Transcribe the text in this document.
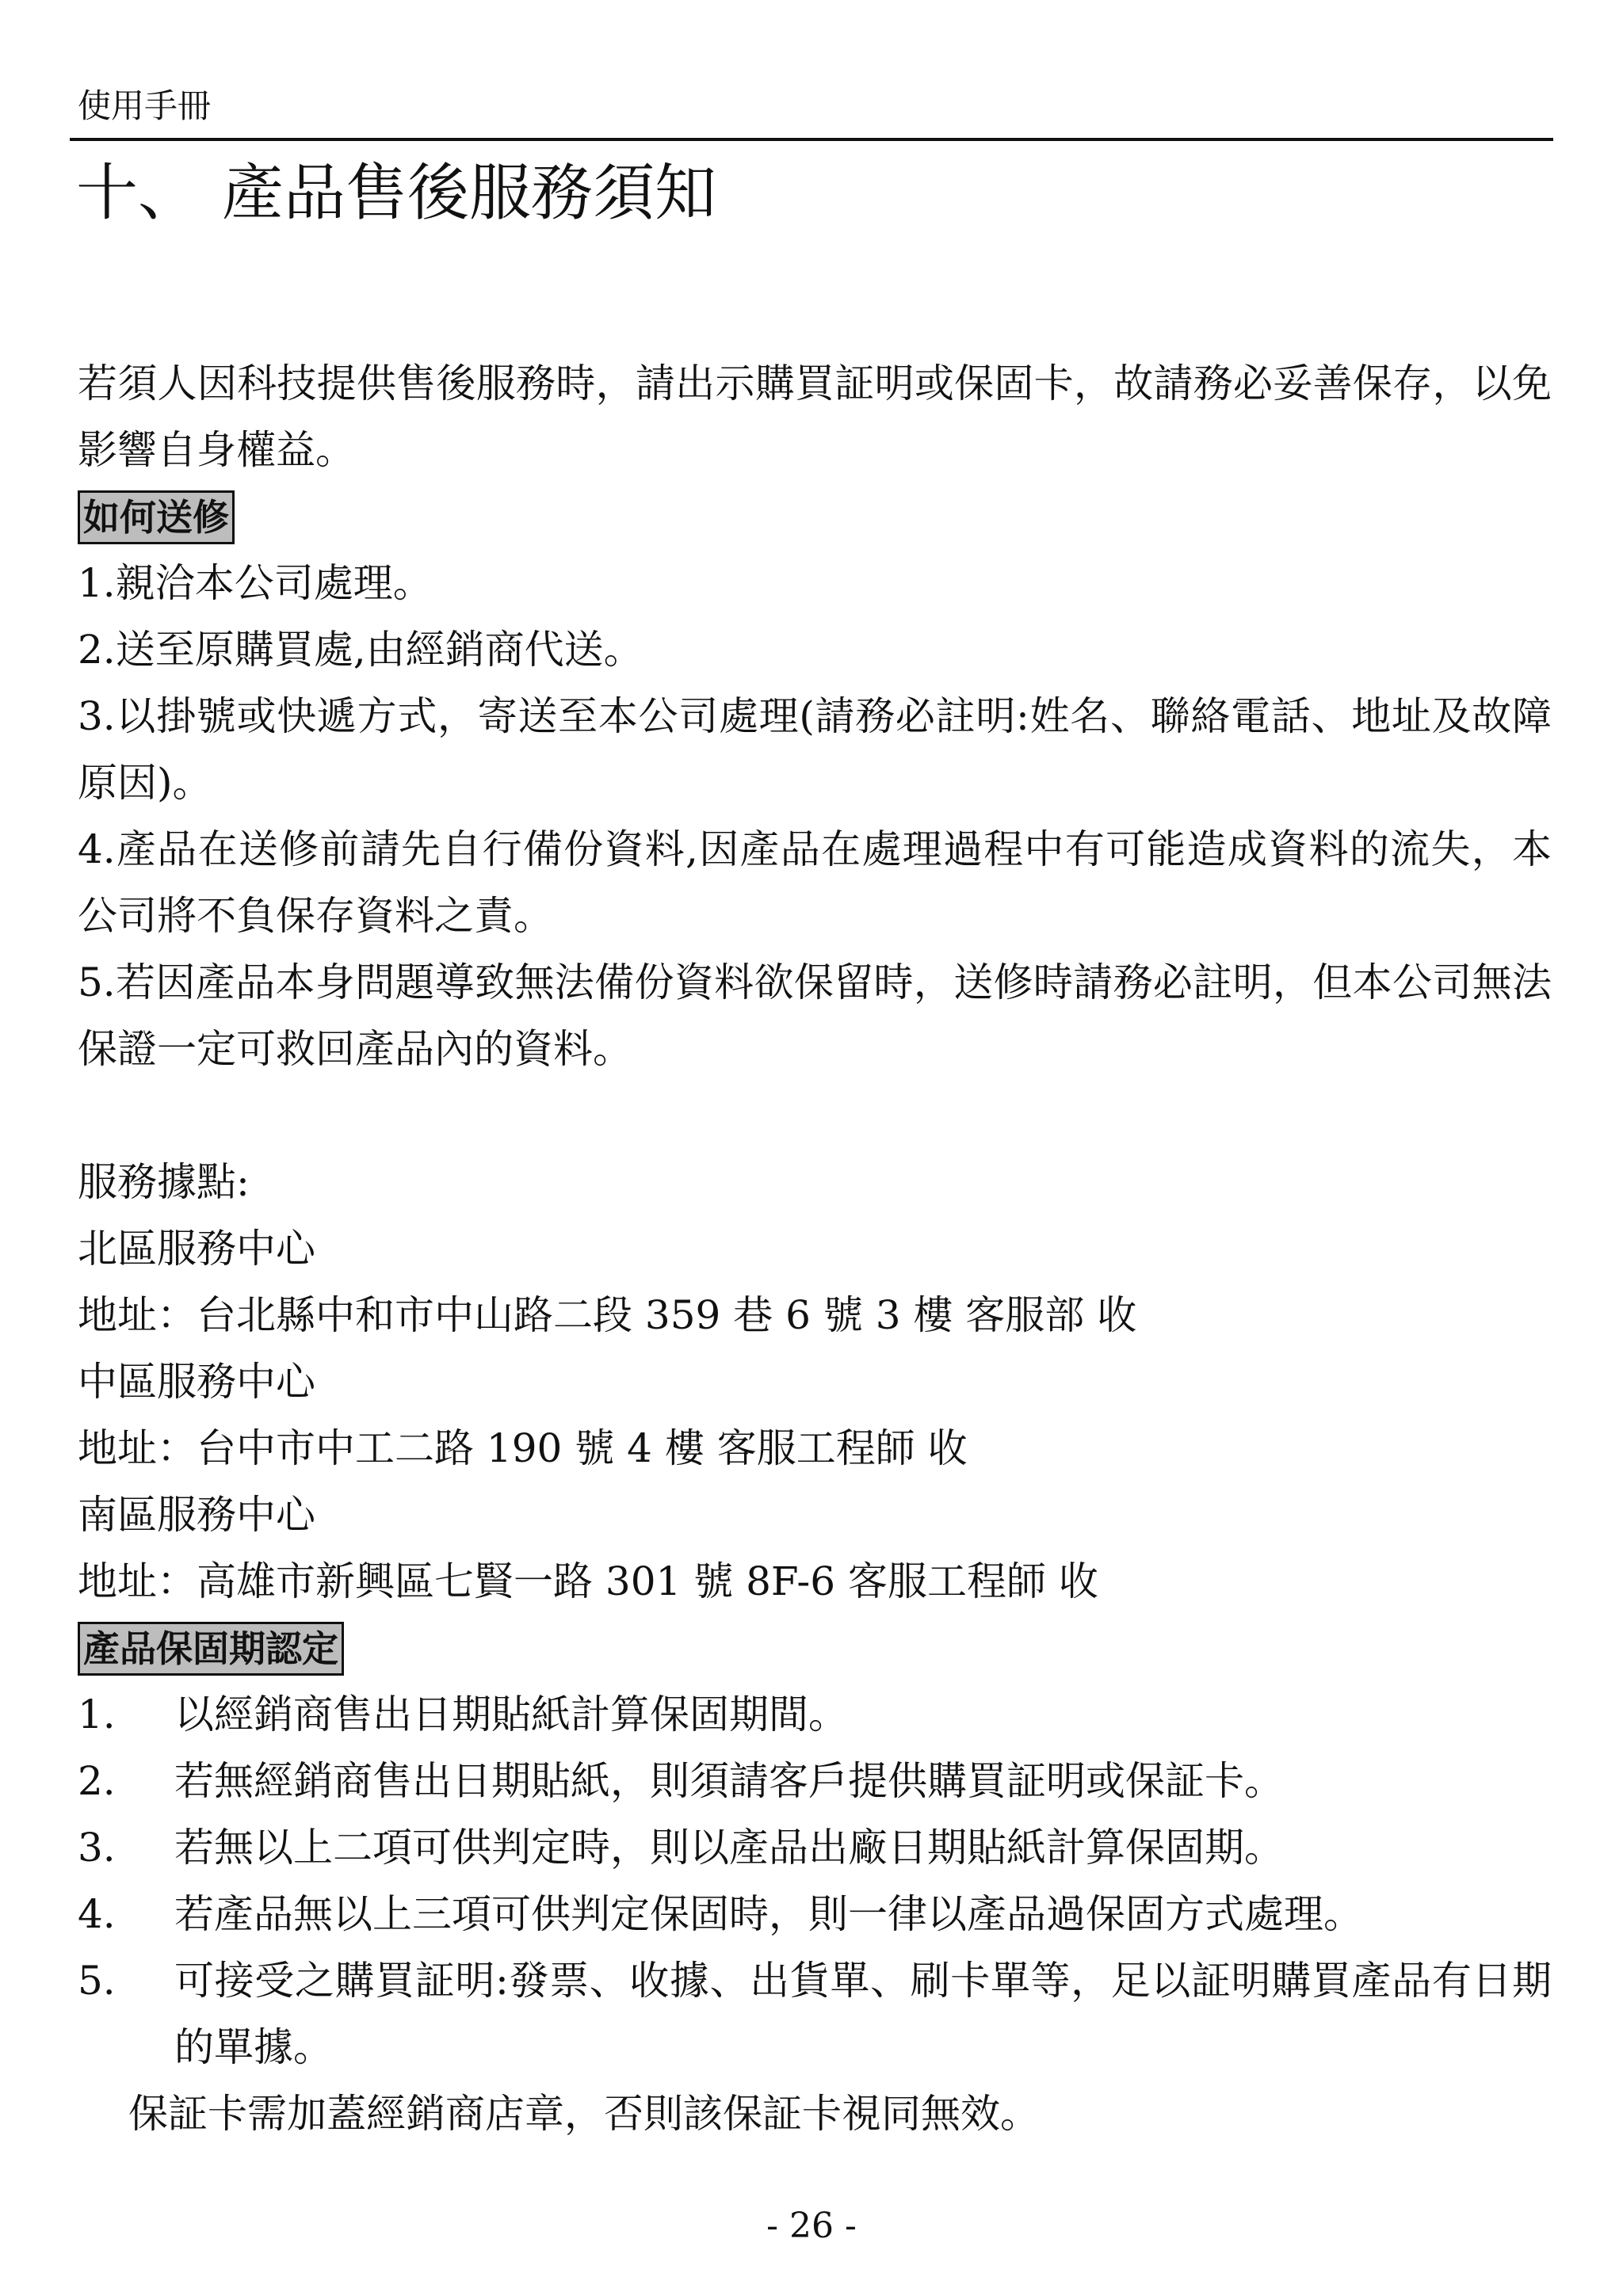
使用手冊
十、 產品售後服務須知

若須人因科技提供售後服務時，請出示購買証明或保固卡，故請務必妥善保存，以免影響自身權益。

如何送修

1.親洽本公司處理。

2.送至原購買處,由經銷商代送。

3.以掛號或快遞方式，寄送至本公司處理(請務必註明:姓名、聯絡電話、地址及故障原因)。

4.產品在送修前請先自行備份資料,因產品在處理過程中有可能造成資料的流失，本公司將不負保存資料之責。

5.若因產品本身問題導致無法備份資料欲保留時，送修時請務必註明，但本公司無法保證一定可救回產品內的資料。

服務據點:

北區服務中心

地址：台北縣中和市中山路二段 359 巷 6 號 3 樓 客服部 收

中區服務中心

地址：台中市中工二路 190 號 4 樓 客服工程師 收

南區服務中心

地址：高雄市新興區七賢一路 301 號 8F-6 客服工程師 收

產品保固期認定
1.	以經銷商售出日期貼紙計算保固期間。
2.	若無經銷商售出日期貼紙，則須請客戶提供購買証明或保証卡。
3.	若無以上二項可供判定時，則以產品出廠日期貼紙計算保固期。
4.	若產品無以上三項可供判定保固時，則一律以產品過保固方式處理。
5.	可接受之購買証明:發票、收據、出貨單、刷卡單等，足以証明購買產品有日期的單據。

保証卡需加蓋經銷商店章，否則該保証卡視同無效。

- 26 -
